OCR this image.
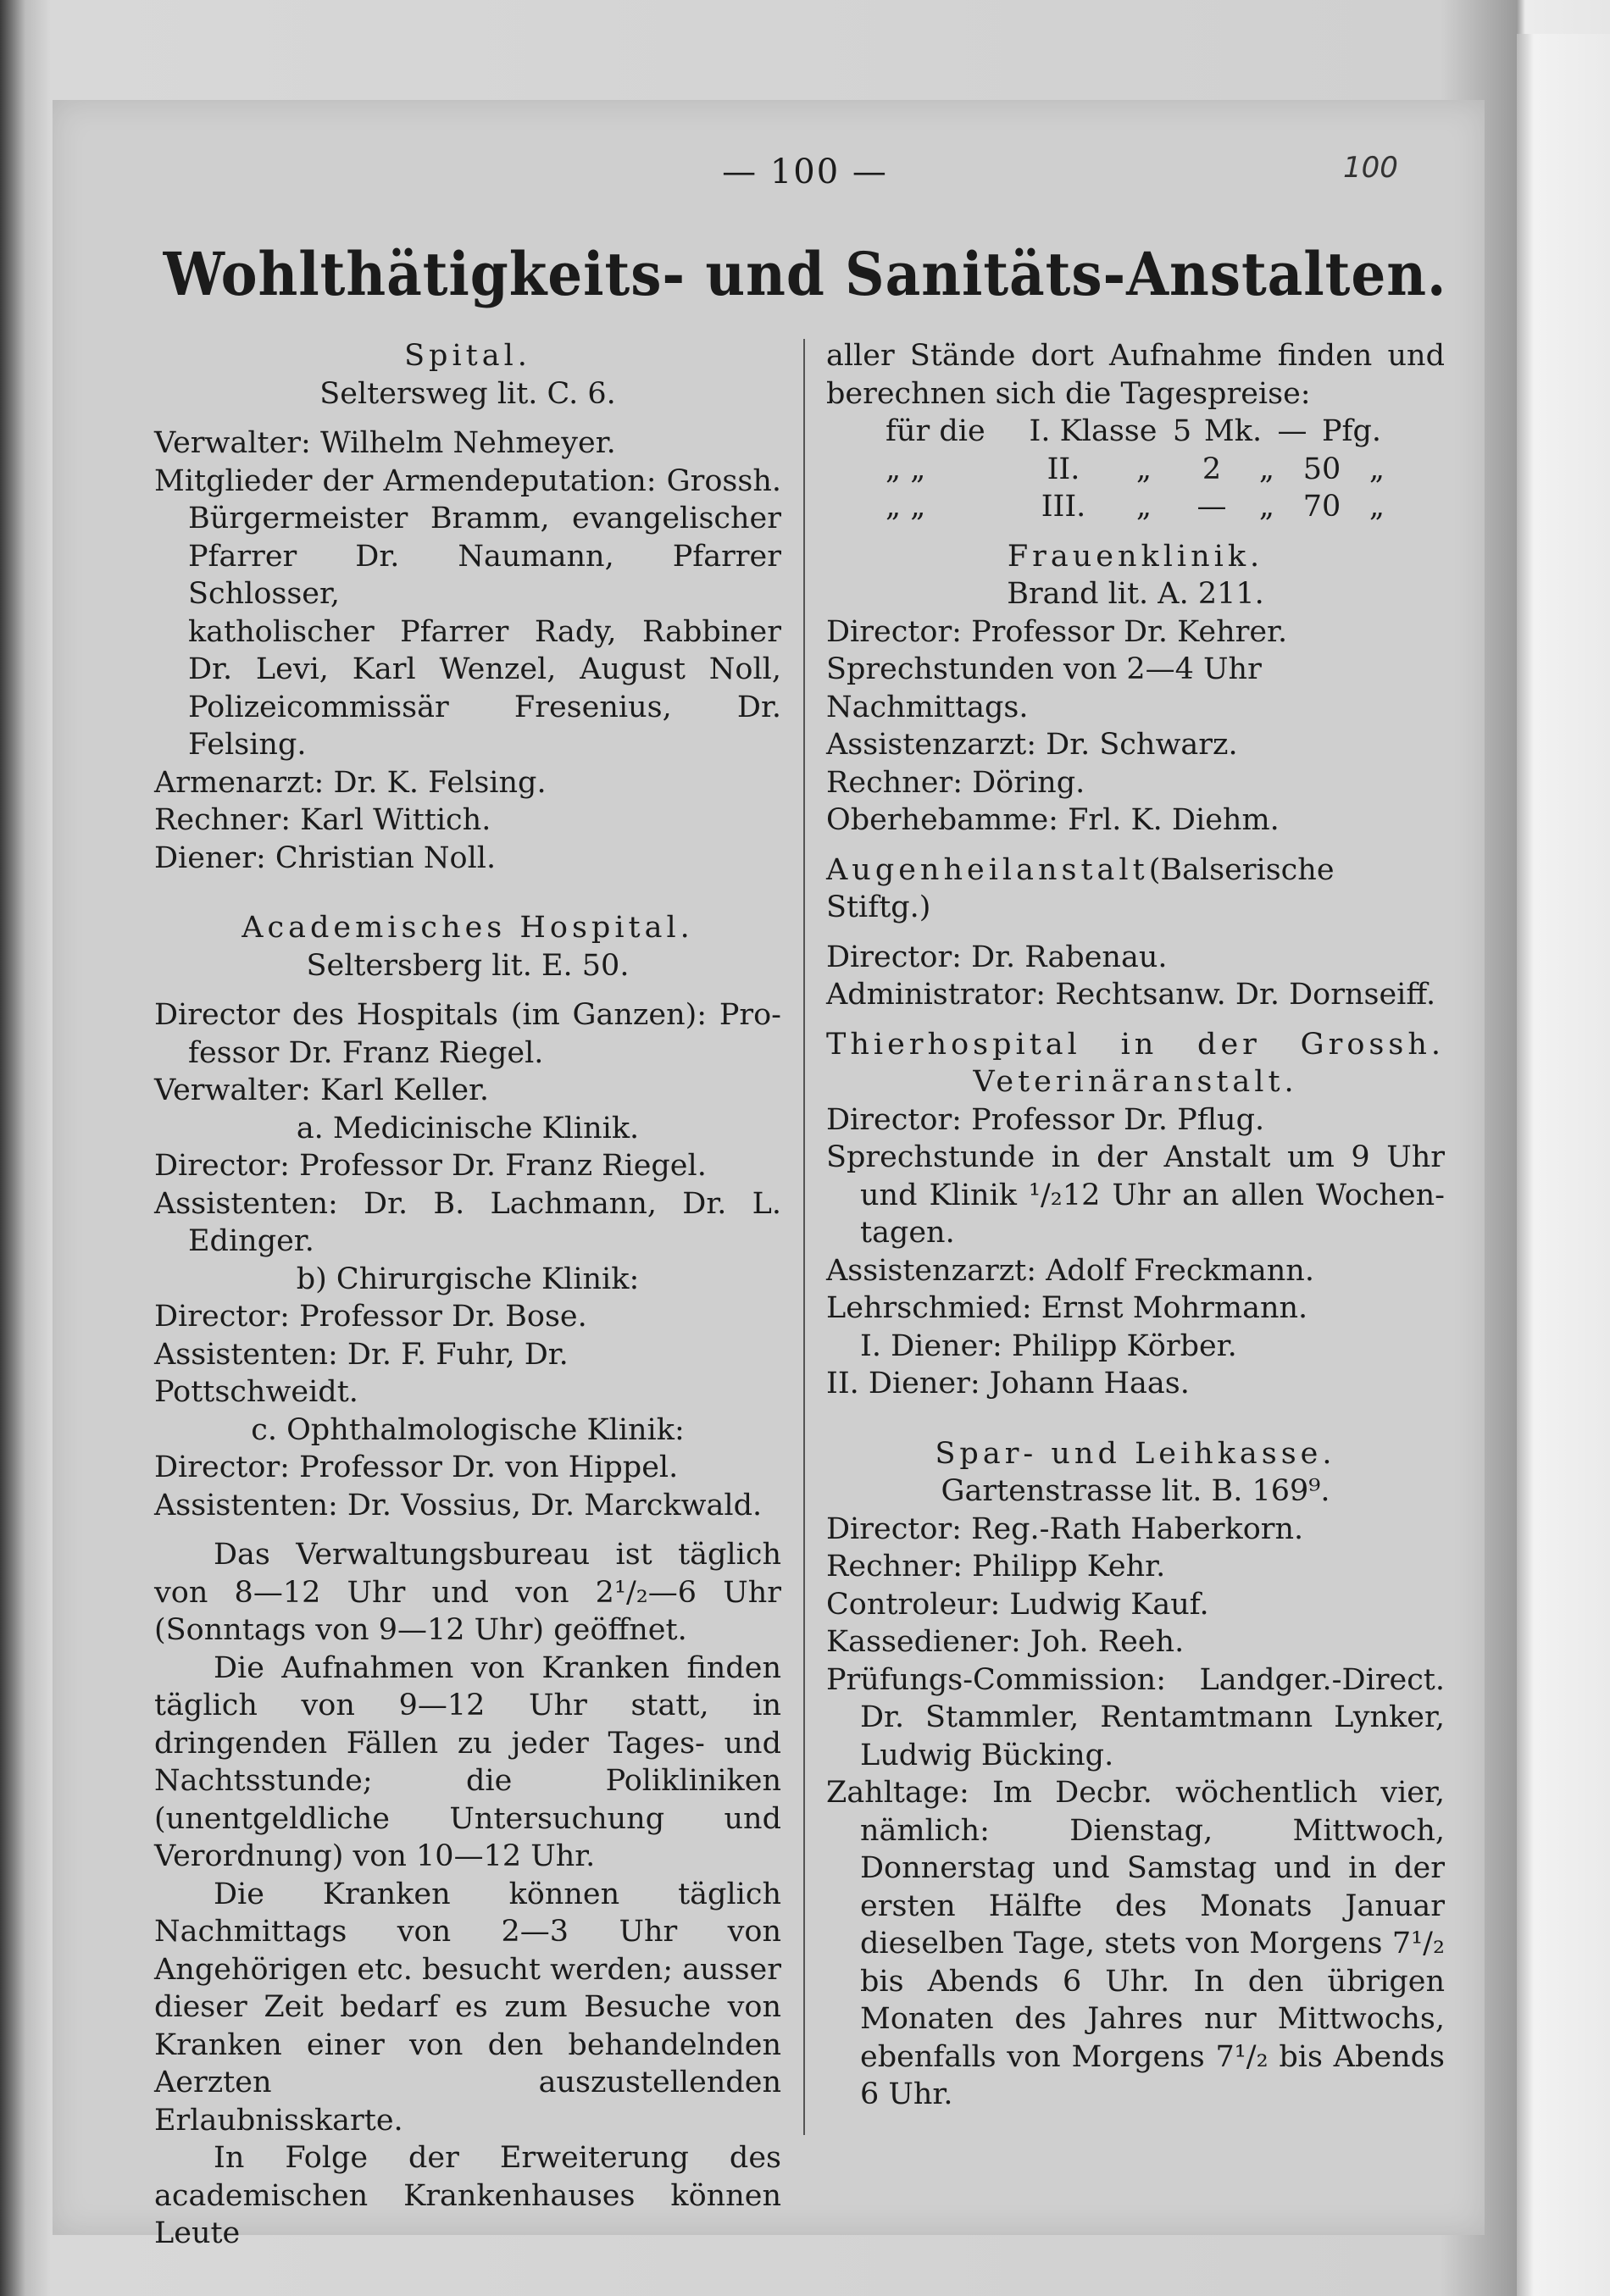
— 100 —	100
Wohlthätigkeits- und Sanitäts-Anstalten.
Spital.
Seltersweg lit. C. 6.
Verwalter: Wilhelm Nehmeyer.
Mitglieder der Armendeputation: Grossh.
Bürgermeister Bramm, evangelischer
Pfarrer Dr. Naumann, Pfarrer Schlosser,
katholischer Pfarrer Rady, Rabbiner
Dr. Levi, Karl Wenzel, August Noll,
Polizeicommissär Fresenius, Dr. Felsing.
Armenarzt: Dr. K. Felsing.
Rechner: Karl Wittich.
Diener: Christian Noll.
Academisches Hospital.
Seltersberg lit. E. 50.
Director des Hospitals (im Ganzen): Pro-
fessor Dr. Franz Riegel.
Verwalter: Karl Keller.
a. Medicinische Klinik.
Director: Professor Dr. Franz Riegel.
Assistenten: Dr. B. Lachmann, Dr. L.
Edinger.
b) Chirurgische Klinik:
Director: Professor Dr. Bose.
Assistenten: Dr. F. Fuhr, Dr. Pottschweidt.
c. Ophthalmologische Klinik:
Director: Professor Dr. von Hippel.
Assistenten: Dr. Vossius, Dr. Marckwald.
Das Verwaltungsbureau ist täglich von 8—12 Uhr und von 2¹/₂—6 Uhr (Sonntags von 9—12 Uhr) geöffnet.
Die Aufnahmen von Kranken finden täglich von 9—12 Uhr statt, in dringenden Fällen zu jeder Tages- und Nachtsstunde; die Polikliniken (unentgeldliche Untersuchung und Verordnung) von 10—12 Uhr.
Die Kranken können täglich Nachmittags von 2—3 Uhr von Angehörigen etc. besucht werden; ausser dieser Zeit bedarf es zum Besuche von Kranken einer von den behandelnden Aerzten auszustellenden Erlaubnisskarte.
In Folge der Erweiterung des academischen Krankenhauses können Leute
aller Stände dort Aufnahme finden und berechnen sich die Tagespreise:
für die	I. Klasse 5 Mk. — Pfg.
„ „	II.	„	2	„ 50 „
„ „	III.	„	—	„ 70 „
Frauenklinik.
Brand lit. A. 211.
Director: Professor Dr. Kehrer.
Sprechstunden von 2—4 Uhr Nachmittags.
Assistenzarzt: Dr. Schwarz.
Rechner: Döring.
Oberhebamme: Frl. K. Diehm.
Augenheilanstalt(Balserische Stiftg.)
Director: Dr. Rabenau.
Administrator: Rechtsanw. Dr. Dornseiff.
Thierhospital in der Grossh.
Veterinäranstalt.
Director: Professor Dr. Pflug.
Sprechstunde in der Anstalt um 9 Uhr
und Klinik ¹/₂12 Uhr an allen Wochen-
tagen.
Assistenzarzt: Adolf Freckmann.
Lehrschmied: Ernst Mohrmann.
I. Diener: Philipp Körber.
II. Diener: Johann Haas.
Spar- und Leihkasse.
Gartenstrasse lit. B. 169⁹.
Director: Reg.-Rath Haberkorn.
Rechner: Philipp Kehr.
Controleur: Ludwig Kauf.
Kassediener: Joh. Reeh.
Prüfungs-Commission: Landger.-Direct.
Dr. Stammler, Rentamtmann Lynker,
Ludwig Bücking.
Zahltage: Im Decbr. wöchentlich vier, nämlich: Dienstag, Mittwoch, Donnerstag und Samstag und in der ersten Hälfte des Monats Januar dieselben Tage, stets von Morgens 7¹/₂ bis Abends 6 Uhr. In den übrigen Monaten des Jahres nur Mittwochs, ebenfalls von Morgens 7¹/₂ bis Abends 6 Uhr.
